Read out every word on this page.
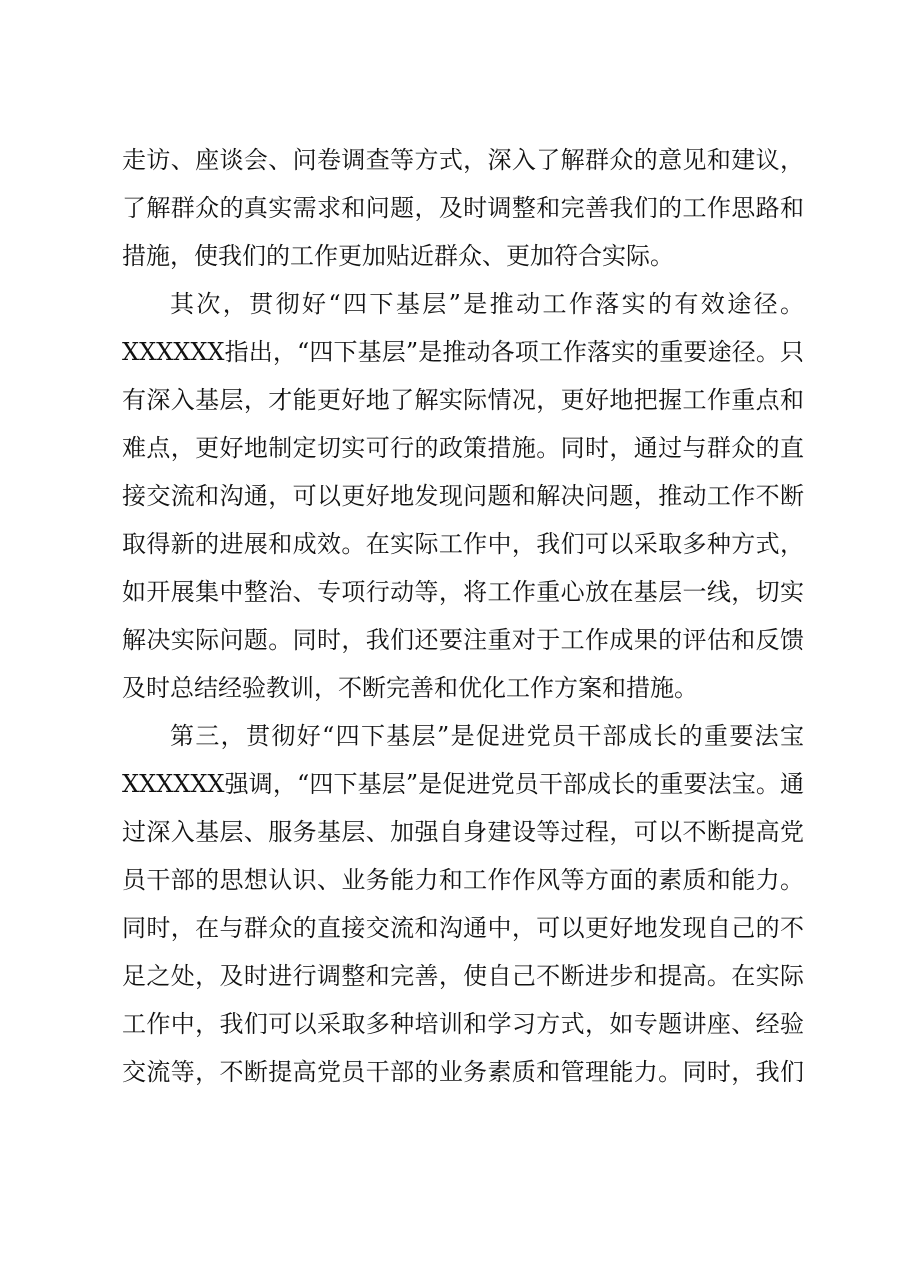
走访、座谈会、问卷调查等方式，深入了解群众的意见和建议，
了解群众的真实需求和问题，及时调整和完善我们的工作思路和
措施，使我们的工作更加贴近群众、更加符合实际。
其次，贯彻好“四下基层”是推动工作落实的有效途径。
XXXXXX指出，“四下基层”是推动各项工作落实的重要途径。只
有深入基层，才能更好地了解实际情况，更好地把握工作重点和
难点，更好地制定切实可行的政策措施。同时，通过与群众的直
接交流和沟通，可以更好地发现问题和解决问题，推动工作不断
取得新的进展和成效。在实际工作中，我们可以采取多种方式，
如开展集中整治、专项行动等，将工作重心放在基层一线，切实
解决实际问题。同时，我们还要注重对于工作成果的评估和反馈
及时总结经验教训，不断完善和优化工作方案和措施。
第三，贯彻好“四下基层”是促进党员干部成长的重要法宝
XXXXXX强调，“四下基层”是促进党员干部成长的重要法宝。通
过深入基层、服务基层、加强自身建设等过程，可以不断提高党
员干部的思想认识、业务能力和工作作风等方面的素质和能力。
同时，在与群众的直接交流和沟通中，可以更好地发现自己的不
足之处，及时进行调整和完善，使自己不断进步和提高。在实际
工作中，我们可以采取多种培训和学习方式，如专题讲座、经验
交流等，不断提高党员干部的业务素质和管理能力。同时，我们
